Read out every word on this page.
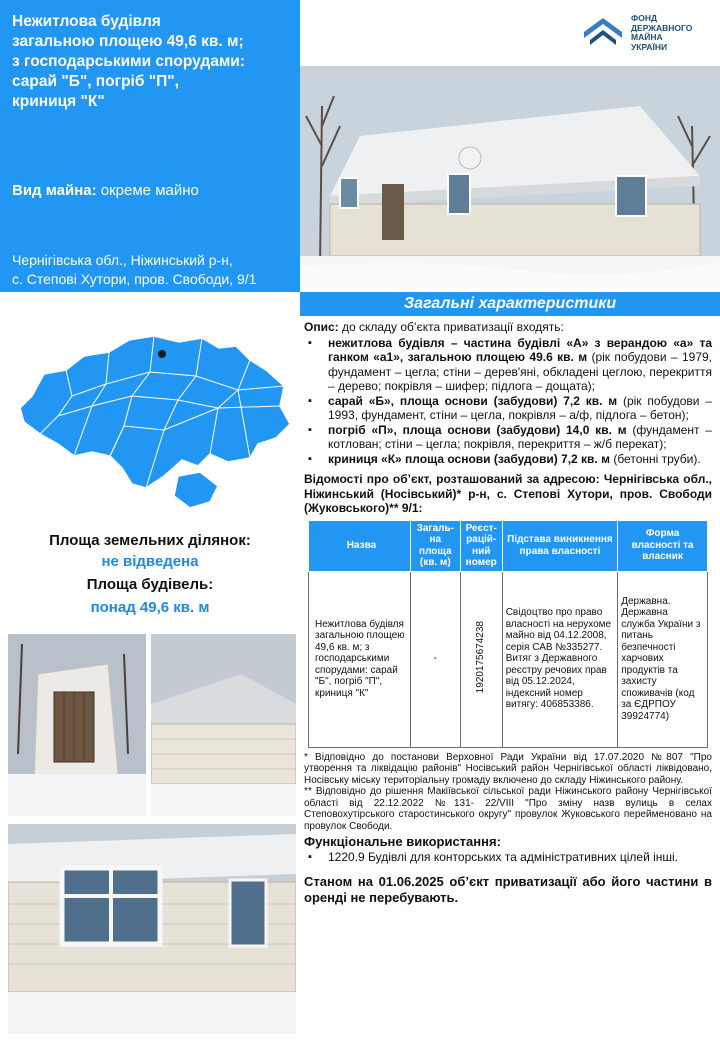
Нежитлова будівля
загальною площею 49,6 кв. м;
з господарськими спорудами:
сарай "Б", погріб "П",
криниця "К"
Вид майна: окреме майно
Чернігівська обл., Ніжинський р-н,
с. Степові Хутори, пров. Свободи, 9/1
ФОНД
ДЕРЖАВНОГО
МАЙНА
УКРАЇНИ
Загальні характеристики
Площа земельних ділянок:
не відведена
Площа будівель:
понад 49,6 кв. м

Опис: до складу об’єкта приватизації входять:

▪ нежитлова будівля – частина будівлі «А» з верандою «а» та ганком «а1», загальною площею 49.6 кв. м (рік побудови – 1979, фундамент – цегла; стіни – дерев'яні, обкладені цеглою, перекриття – дерево; покрівля – шифер; підлога – дощата);
▪ сарай «Б», площа основи (забудови) 7,2 кв. м (рік побудови – 1993, фундамент, стіни – цегла, покрівля – а/ф, підлога – бетон);
▪ погріб «П», площа основи (забудови) 14,0 кв. м (фундамент – котлован; стіни – цегла; покрівля, перекриття – ж/б перекат);
▪ криниця «К» площа основи (забудови) 7,2 кв. м (бетонні труби).

Відомості про об’єкт, розташований за адресою: Чернігівська обл., Ніжинський (Носівський)* р-н, с. Степові Хутори, пров. Свободи (Жуковського)** 9/1:

Назва	Загаль-на площа (кв. м)	Реєст-рацій-ний номер	Підстава виникнення права власності	Форма власності та власник
Нежитлова будівля загальною площею 49,6 кв. м; з господарськими спорудами: сарай "Б", погріб "П", криниця "К"	-	1920175674238	Свідоцтво про право власності на нерухоме майно від 04.12.2008, серія САВ №335277. Витяг з Державного реєстру речових прав від 05.12.2024, індексний номер витягу: 406853386.	Державна. Державна служба України з питань безпечності харчових продуктів та захисту споживачів (код за ЄДРПОУ 39924774)

* Відповідно до постанови Верховної Ради України від 17.07.2020 №807 "Про утворення та ліквідацію районів" Носівський район Чернігівської області ліквідовано, Носівську міську територіальну громаду включено до складу Ніжинського району.

** Відповідно до рішення Макіївської сільської ради Ніжинського району Чернігівської області від 22.12.2022 №131- 22/VIII "Про зміну назв вулиць в селах Степовохутірського старостинського округу" провулок Жуковського перейменовано на провулок Свободи.

Функціональне використання:
▪ 1220.9 Будівлі для конторських та адміністративних цілей інші.

Станом на 01.06.2025 об’єкт приватизації або його частини в оренді не перебувають.
